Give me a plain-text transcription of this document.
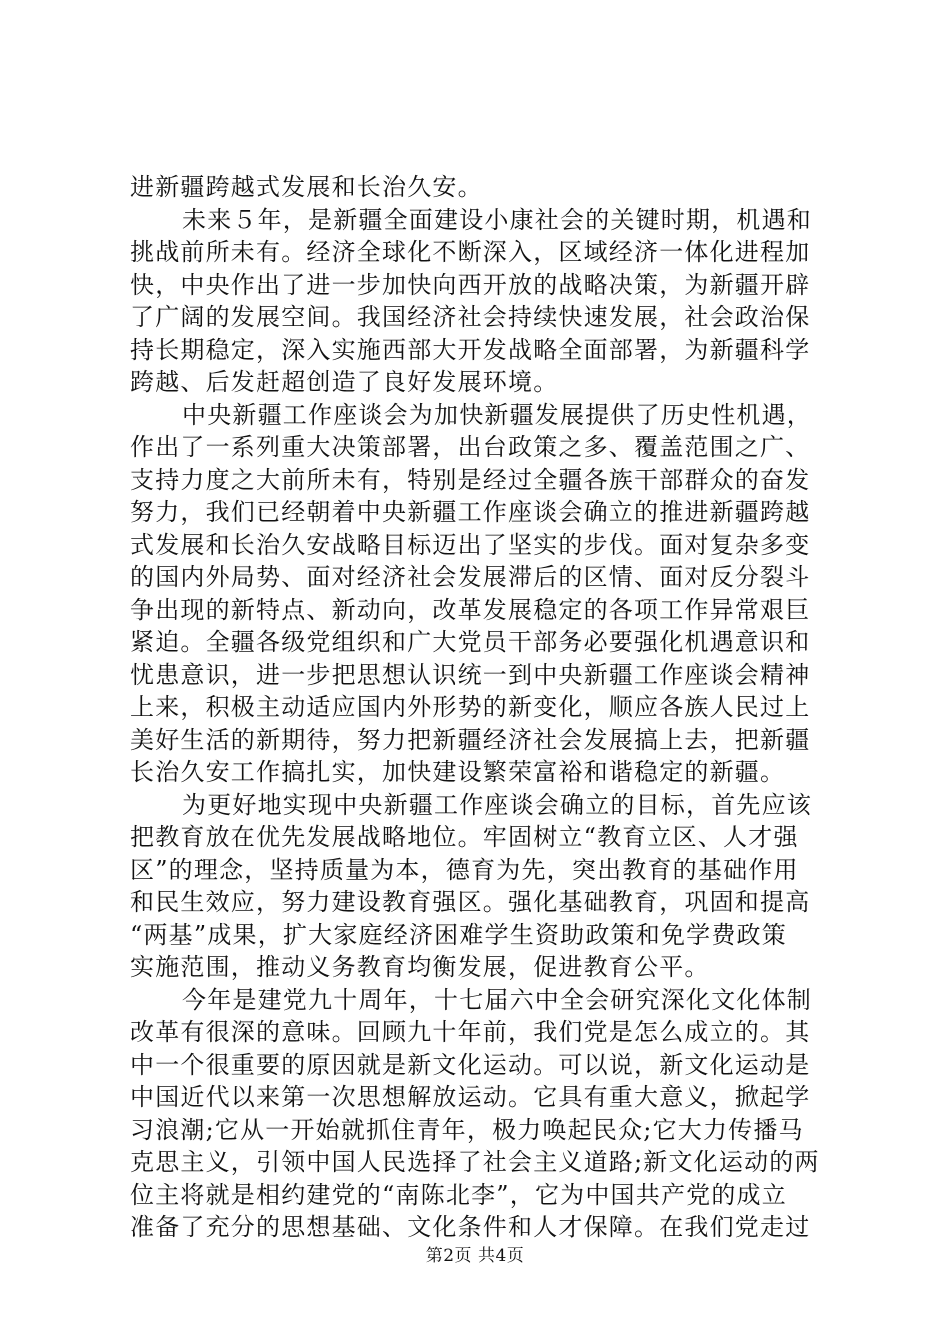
进新疆跨越式发展和长治久安。
未来５年，是新疆全面建设小康社会的关键时期，机遇和
挑战前所未有。经济全球化不断深入，区域经济一体化进程加
快，中央作出了进一步加快向西开放的战略决策，为新疆开辟
了广阔的发展空间。我国经济社会持续快速发展，社会政治保
持长期稳定，深入实施西部大开发战略全面部署，为新疆科学
跨越、后发赶超创造了良好发展环境。
中央新疆工作座谈会为加快新疆发展提供了历史性机遇，
作出了一系列重大决策部署，出台政策之多、覆盖范围之广、
支持力度之大前所未有，特别是经过全疆各族干部群众的奋发
努力，我们已经朝着中央新疆工作座谈会确立的推进新疆跨越
式发展和长治久安战略目标迈出了坚实的步伐。面对复杂多变
的国内外局势、面对经济社会发展滞后的区情、面对反分裂斗
争出现的新特点、新动向，改革发展稳定的各项工作异常艰巨
紧迫。全疆各级党组织和广大党员干部务必要强化机遇意识和
忧患意识，进一步把思想认识统一到中央新疆工作座谈会精神
上来，积极主动适应国内外形势的新变化，顺应各族人民过上
美好生活的新期待，努力把新疆经济社会发展搞上去，把新疆
长治久安工作搞扎实，加快建设繁荣富裕和谐稳定的新疆。
为更好地实现中央新疆工作座谈会确立的目标，首先应该
把教育放在优先发展战略地位。牢固树立“教育立区、人才强
区”的理念，坚持质量为本，德育为先，突出教育的基础作用
和民生效应，努力建设教育强区。强化基础教育，巩固和提高
“两基”成果，扩大家庭经济困难学生资助政策和免学费政策
实施范围，推动义务教育均衡发展，促进教育公平。
今年是建党九十周年，十七届六中全会研究深化文化体制
改革有很深的意味。回顾九十年前，我们党是怎么成立的。其
中一个很重要的原因就是新文化运动。可以说，新文化运动是
中国近代以来第一次思想解放运动。它具有重大意义，掀起学
习浪潮;它从一开始就抓住青年，极力唤起民众;它大力传播马
克思主义，引领中国人民选择了社会主义道路;新文化运动的两
位主将就是相约建党的“南陈北李”，它为中国共产党的成立
准备了充分的思想基础、文化条件和人才保障。在我们党走过
第2页 共4页
